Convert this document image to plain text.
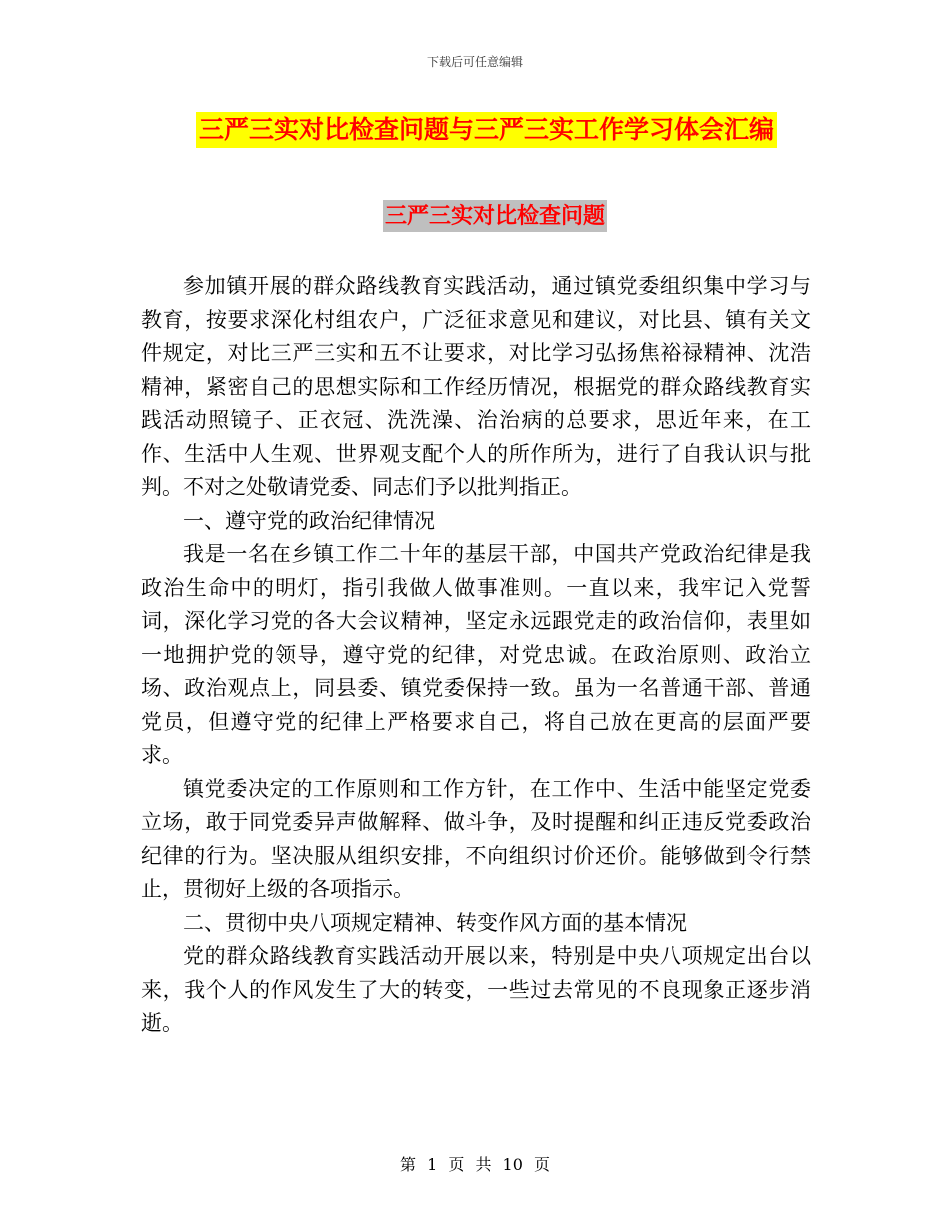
下载后可任意编辑
三严三实对比检查问题与三严三实工作学习体会汇编
三严三实对比检查问题

参加镇开展的群众路线教育实践活动，通过镇党委组织集中学习与教育，按要求深化村组农户，广泛征求意见和建议，对比县、镇有关文件规定，对比三严三实和五不让要求，对比学习弘扬焦裕禄精神、沈浩精神，紧密自己的思想实际和工作经历情况，根据党的群众路线教育实践活动照镜子、正衣冠、洗洗澡、治治病的总要求，思近年来，在工作、生活中人生观、世界观支配个人的所作所为，进行了自我认识与批判。不对之处敬请党委、同志们予以批判指正。

一、遵守党的政治纪律情况

我是一名在乡镇工作二十年的基层干部，中国共产党政治纪律是我政治生命中的明灯，指引我做人做事准则。一直以来，我牢记入党誓词，深化学习党的各大会议精神，坚定永远跟党走的政治信仰，表里如一地拥护党的领导，遵守党的纪律，对党忠诚。在政治原则、政治立场、政治观点上，同县委、镇党委保持一致。虽为一名普通干部、普通党员，但遵守党的纪律上严格要求自己，将自己放在更高的层面严要求。

镇党委决定的工作原则和工作方针，在工作中、生活中能坚定党委立场，敢于同党委异声做解释、做斗争，及时提醒和纠正违反党委政治纪律的行为。坚决服从组织安排，不向组织讨价还价。能够做到令行禁止，贯彻好上级的各项指示。

二、贯彻中央八项规定精神、转变作风方面的基本情况

党的群众路线教育实践活动开展以来，特别是中央八项规定出台以来，我个人的作风发生了大的转变，一些过去常见的不良现象正逐步消逝。

第 1 页 共 10 页
